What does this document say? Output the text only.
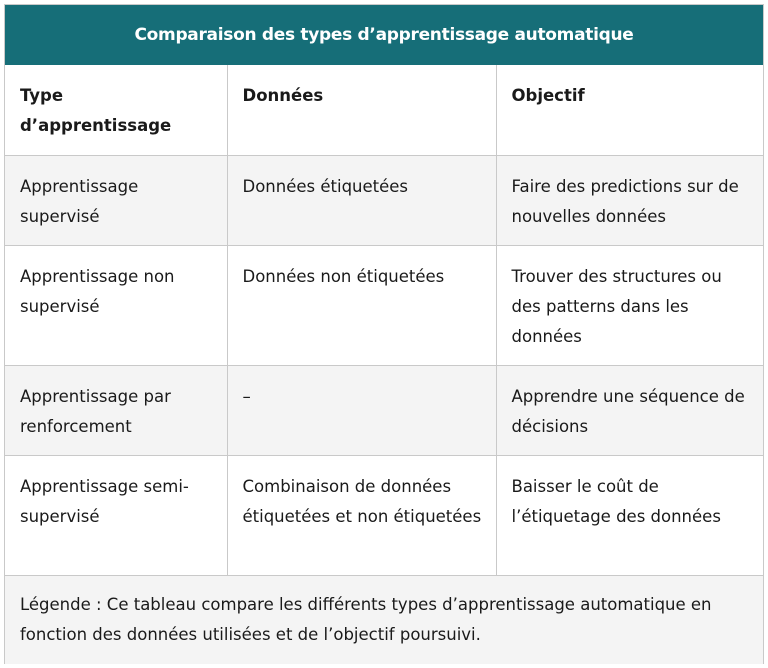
Comparaison des types d’apprentissage automatique
Type d’apprentissage	Données	Objectif
Apprentissage supervisé	Données étiquetées	Faire des predictions sur de nouvelles données
Apprentissage non supervisé	Données non étiquetées	Trouver des structures ou des patterns dans les données
Apprentissage par renforcement	–	Apprendre une séquence de décisions
Apprentissage semi-supervisé	Combinaison de données étiquetées et non étiquetées	Baisser le coût de l’étiquetage des données
Légende : Ce tableau compare les différents types d’apprentissage automatique en fonction des données utilisées et de l’objectif poursuivi.		
